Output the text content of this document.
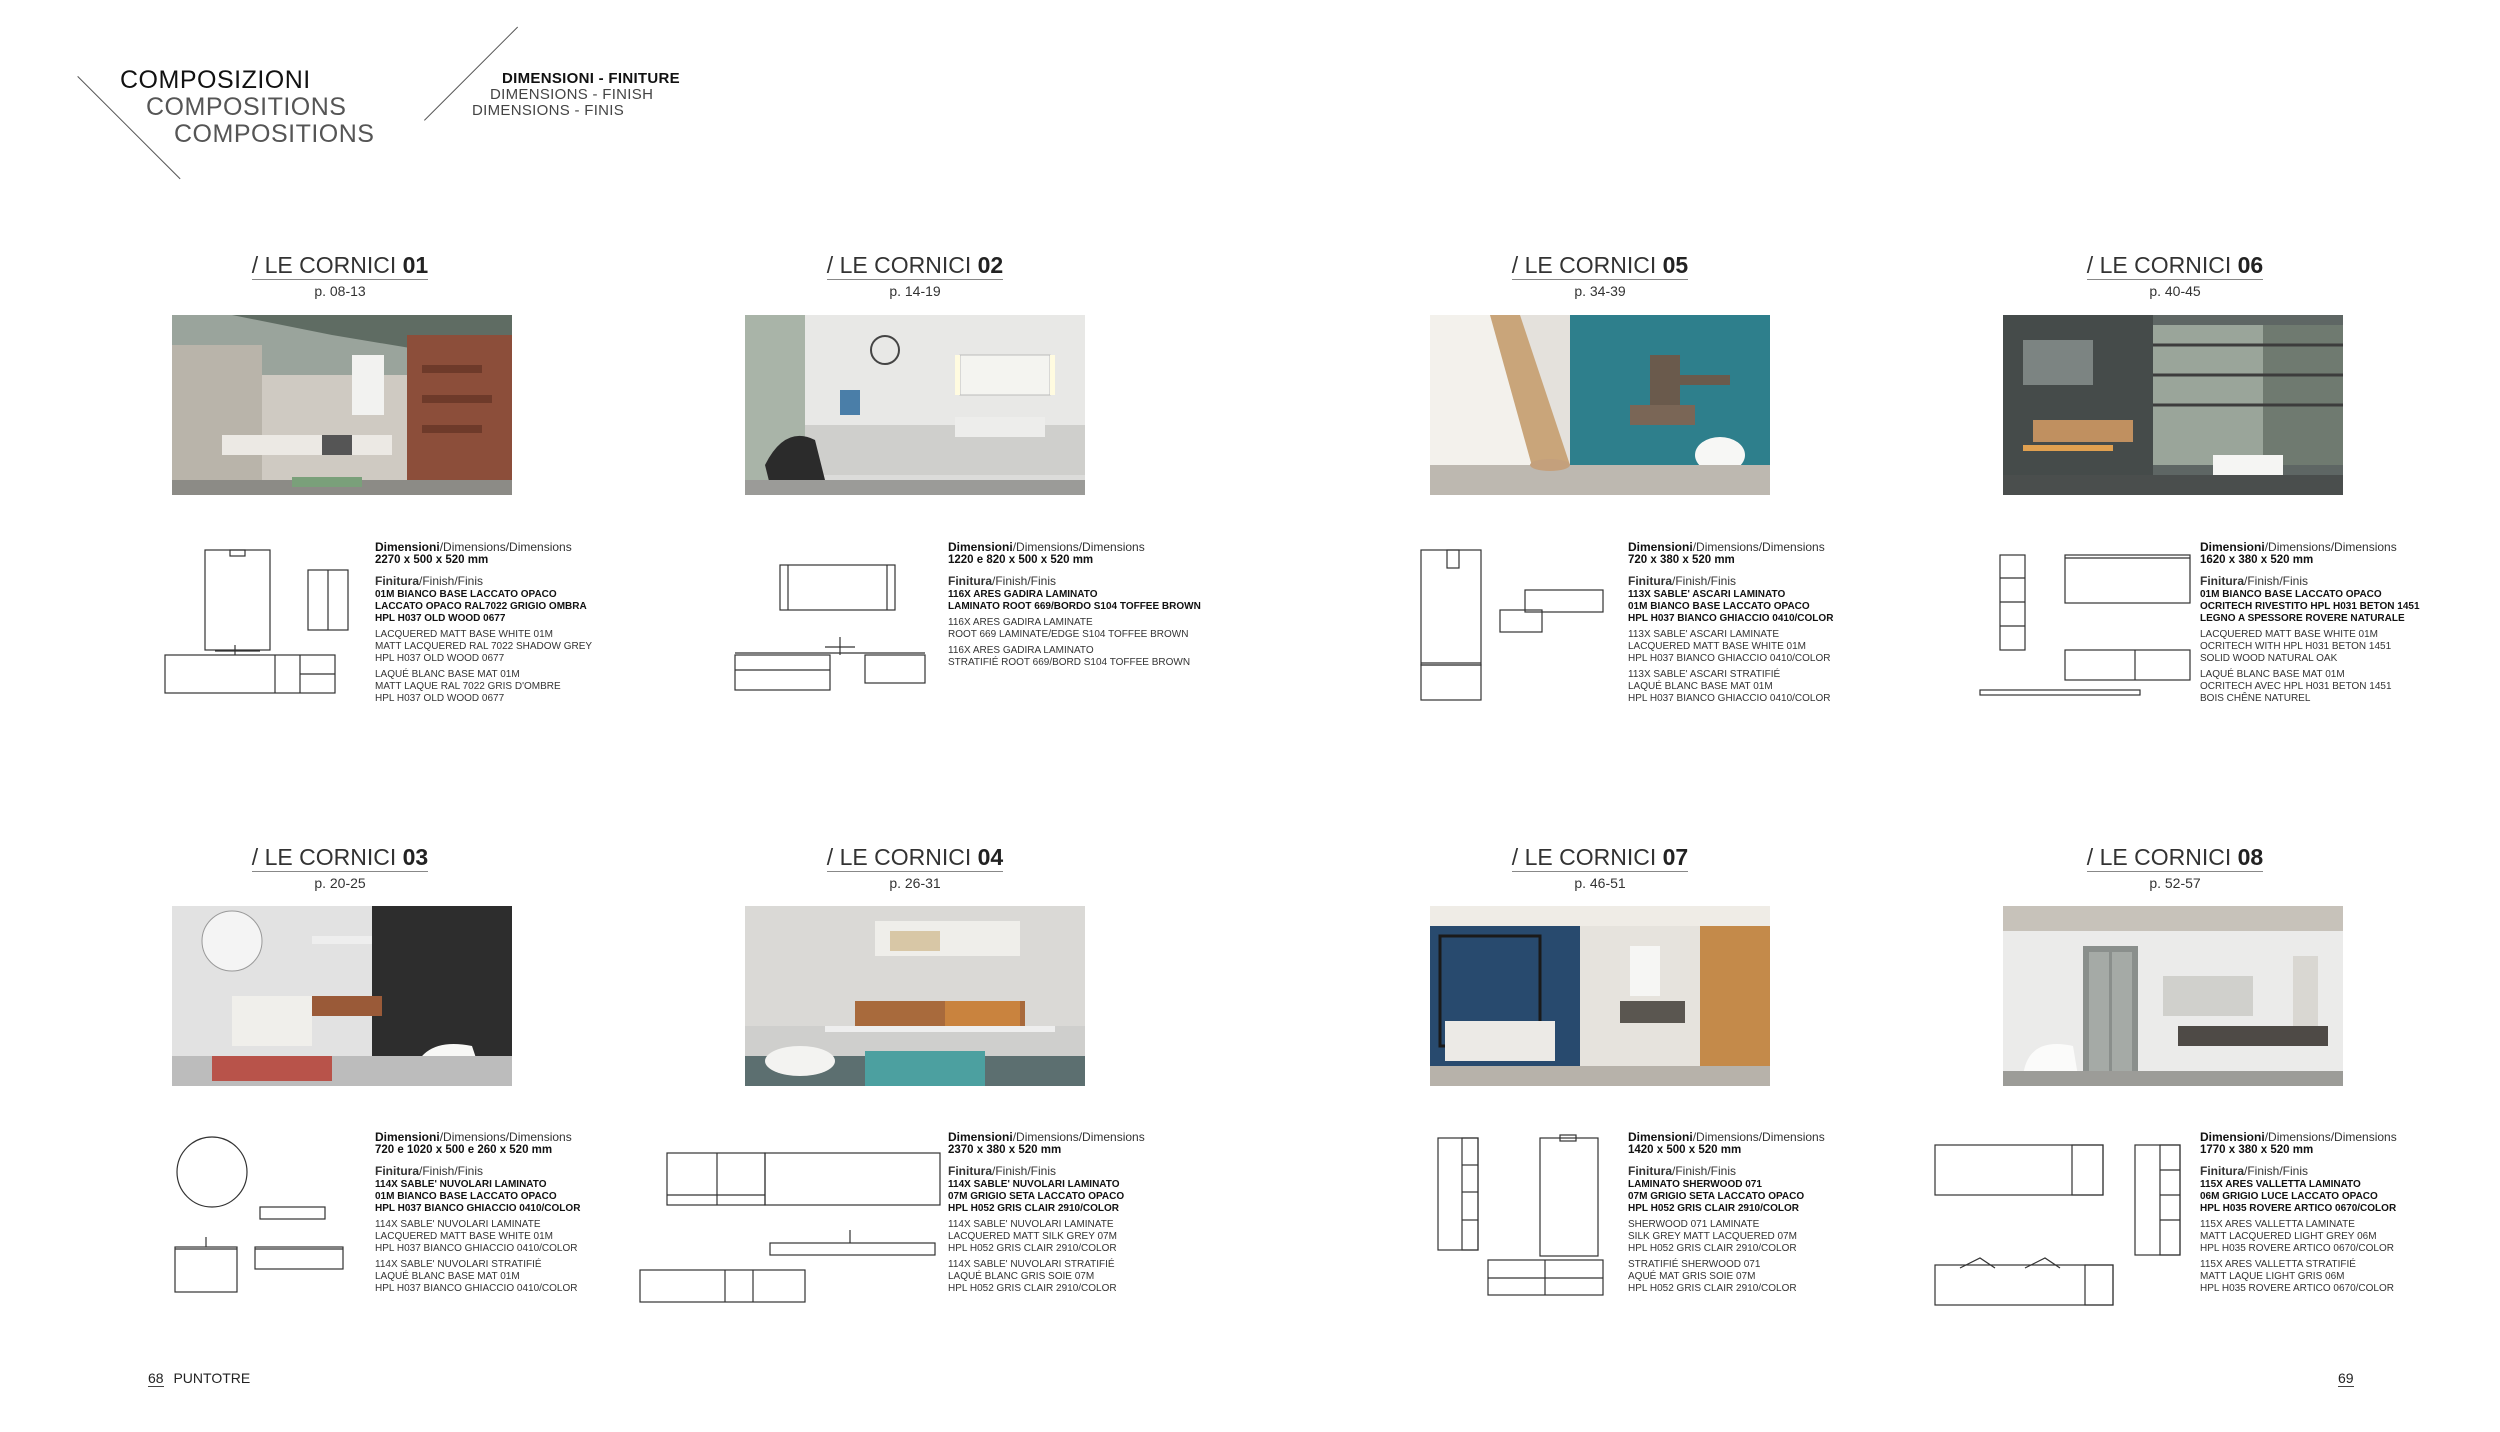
COMPOSIZIONI
COMPOSITIONS
COMPOSITIONS
DIMENSIONI - FINITURE
DIMENSIONS - FINISH
DIMENSIONS - FINIS
/ LE CORNICI 01
p. 08-13
Dimensioni/Dimensions/Dimensions
2270 x 500 x 520 mm
Finitura/Finish/Finis
01M BIANCO BASE LACCATO OPACO
LACCATO OPACO RAL7022 GRIGIO OMBRA
HPL H037 OLD WOOD 0677
LACQUERED MATT BASE WHITE 01M
MATT LACQUERED RAL 7022 SHADOW GREY
HPL H037 OLD WOOD 0677
LAQUÉ BLANC BASE MAT 01M
MATT LAQUE RAL 7022 GRIS D'OMBRE
HPL H037 OLD WOOD 0677
/ LE CORNICI 02
p. 14-19
Dimensioni/Dimensions/Dimensions
1220 e 820 x 500 x 520 mm
Finitura/Finish/Finis
116X ARES GADIRA LAMINATO
LAMINATO ROOT 669/BORDO S104 TOFFEE BROWN
116X ARES GADIRA LAMINATE
ROOT 669 LAMINATE/EDGE S104 TOFFEE BROWN
116X ARES GADIRA LAMINATO
STRATIFIÉ ROOT 669/BORD S104 TOFFEE BROWN
/ LE CORNICI 05
p. 34-39
Dimensioni/Dimensions/Dimensions
720 x 380 x 520 mm
Finitura/Finish/Finis
113X SABLE' ASCARI LAMINATO
01M BIANCO BASE LACCATO OPACO
HPL H037 BIANCO GHIACCIO 0410/COLOR
113X SABLE' ASCARI LAMINATE
LACQUERED MATT BASE WHITE 01M
HPL H037 BIANCO GHIACCIO 0410/COLOR
113X SABLE' ASCARI STRATIFIÉ
LAQUÉ BLANC BASE MAT 01M
HPL H037 BIANCO GHIACCIO 0410/COLOR
/ LE CORNICI 06
p. 40-45
Dimensioni/Dimensions/Dimensions
1620 x 380 x 520 mm
Finitura/Finish/Finis
01M BIANCO BASE LACCATO OPACO
OCRITECH RIVESTITO HPL H031 BETON 1451
LEGNO A SPESSORE ROVERE NATURALE
LACQUERED MATT BASE WHITE 01M
OCRITECH WITH HPL H031 BETON 1451
SOLID WOOD NATURAL OAK
LAQUÉ BLANC BASE MAT 01M
OCRITECH AVEC HPL H031 BETON 1451
BOIS CHÊNE NATUREL
/ LE CORNICI 03
p. 20-25
Dimensioni/Dimensions/Dimensions
720 e 1020 x 500 e 260 x 520 mm
Finitura/Finish/Finis
114X SABLE' NUVOLARI LAMINATO
01M BIANCO BASE LACCATO OPACO
HPL H037 BIANCO GHIACCIO 0410/COLOR
114X SABLE' NUVOLARI LAMINATE
LACQUERED MATT BASE WHITE 01M
HPL H037 BIANCO GHIACCIO 0410/COLOR
114X SABLE' NUVOLARI STRATIFIÉ
LAQUÉ BLANC BASE MAT 01M
HPL H037 BIANCO GHIACCIO 0410/COLOR
/ LE CORNICI 04
p. 26-31
Dimensioni/Dimensions/Dimensions
2370 x 380 x 520 mm
Finitura/Finish/Finis
114X SABLE' NUVOLARI LAMINATO
07M GRIGIO SETA LACCATO OPACO
HPL H052 GRIS CLAIR 2910/COLOR
114X SABLE' NUVOLARI LAMINATE
LACQUERED MATT SILK GREY 07M
HPL H052 GRIS CLAIR 2910/COLOR
114X SABLE' NUVOLARI STRATIFIÉ
LAQUÉ BLANC GRIS SOIE 07M
HPL H052 GRIS CLAIR 2910/COLOR
/ LE CORNICI 07
p. 46-51
Dimensioni/Dimensions/Dimensions
1420 x 500 x 520 mm
Finitura/Finish/Finis
LAMINATO SHERWOOD 071
07M GRIGIO SETA LACCATO OPACO
HPL H052 GRIS CLAIR 2910/COLOR
SHERWOOD 071 LAMINATE
SILK GREY MATT LACQUERED 07M
HPL H052 GRIS CLAIR 2910/COLOR
STRATIFIÉ SHERWOOD 071
AQUÉ MAT GRIS SOIE 07M
HPL H052 GRIS CLAIR 2910/COLOR
/ LE CORNICI 08
p. 52-57
Dimensioni/Dimensions/Dimensions
1770 x 380 x 520 mm
Finitura/Finish/Finis
115X ARES VALLETTA LAMINATO
06M GRIGIO LUCE LACCATO OPACO
HPL H035 ROVERE ARTICO 0670/COLOR
115X ARES VALLETTA LAMINATE
MATT LACQUERED LIGHT GREY 06M
HPL H035 ROVERE ARTICO 0670/COLOR
115X ARES VALLETTA STRATIFIÉ
MATT LAQUE LIGHT GRIS 06M
HPL H035 ROVERE ARTICO 0670/COLOR
68 PUNTOTRE	69
